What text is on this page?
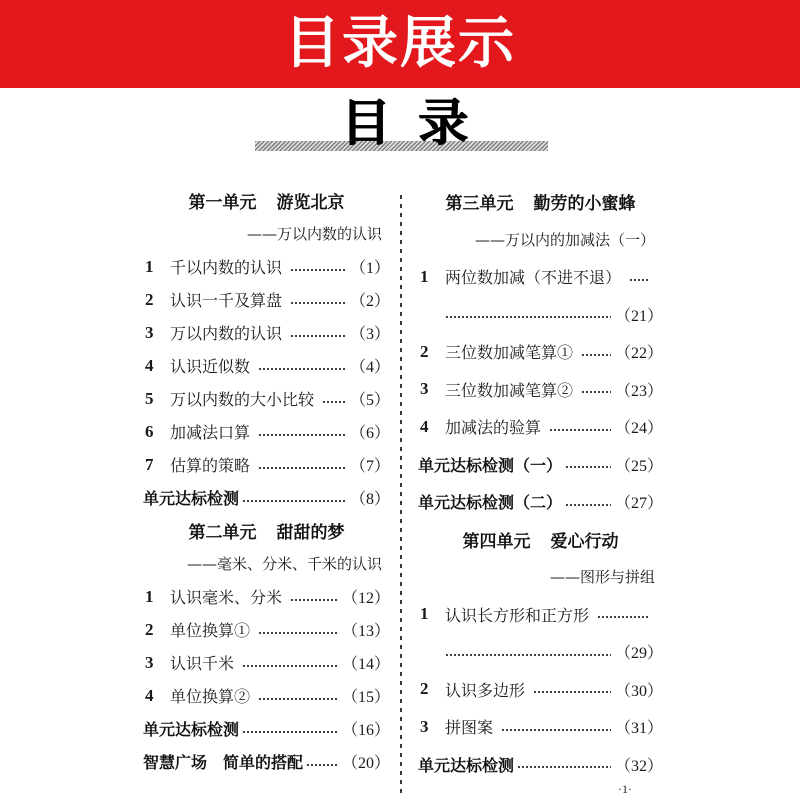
目录展示
目 录
第一单元 游览北京
——万以内数的认识
1	千以内数的认识	（1）
2	认识一千及算盘	（2）
3	万以内数的认识	（3）
4	认识近似数	（4）
5	万以内数的大小比较 （5）
6	加减法口算	（6）
7	估算的策略	（7）
单元达标检测	（8）
第二单元 甜甜的梦
——毫米、分米、千米的认识
1	认识毫米、分米	（12）
2	单位换算①	（13）
3	认识千米	（14）
4	单位换算②	（15）
单元达标检测	（16）
智慧广场 简单的搭配 （20）
第三单元 勤劳的小蜜蜂
——万以内的加减法（一）
1	两位数加减（不进不退）
（21）
2	三位数加减笔算①	（22）
3	三位数加减笔算②	（23）
4	加减法的验算	（24）
单元达标检测（一）	（25）
单元达标检测（二）	（27）
第四单元 爱心行动
——图形与拼组
1	认识长方形和正方形
（29）
2	认识多边形	（30）
3	拼图案	（31）
单元达标检测	（32）
·1·
